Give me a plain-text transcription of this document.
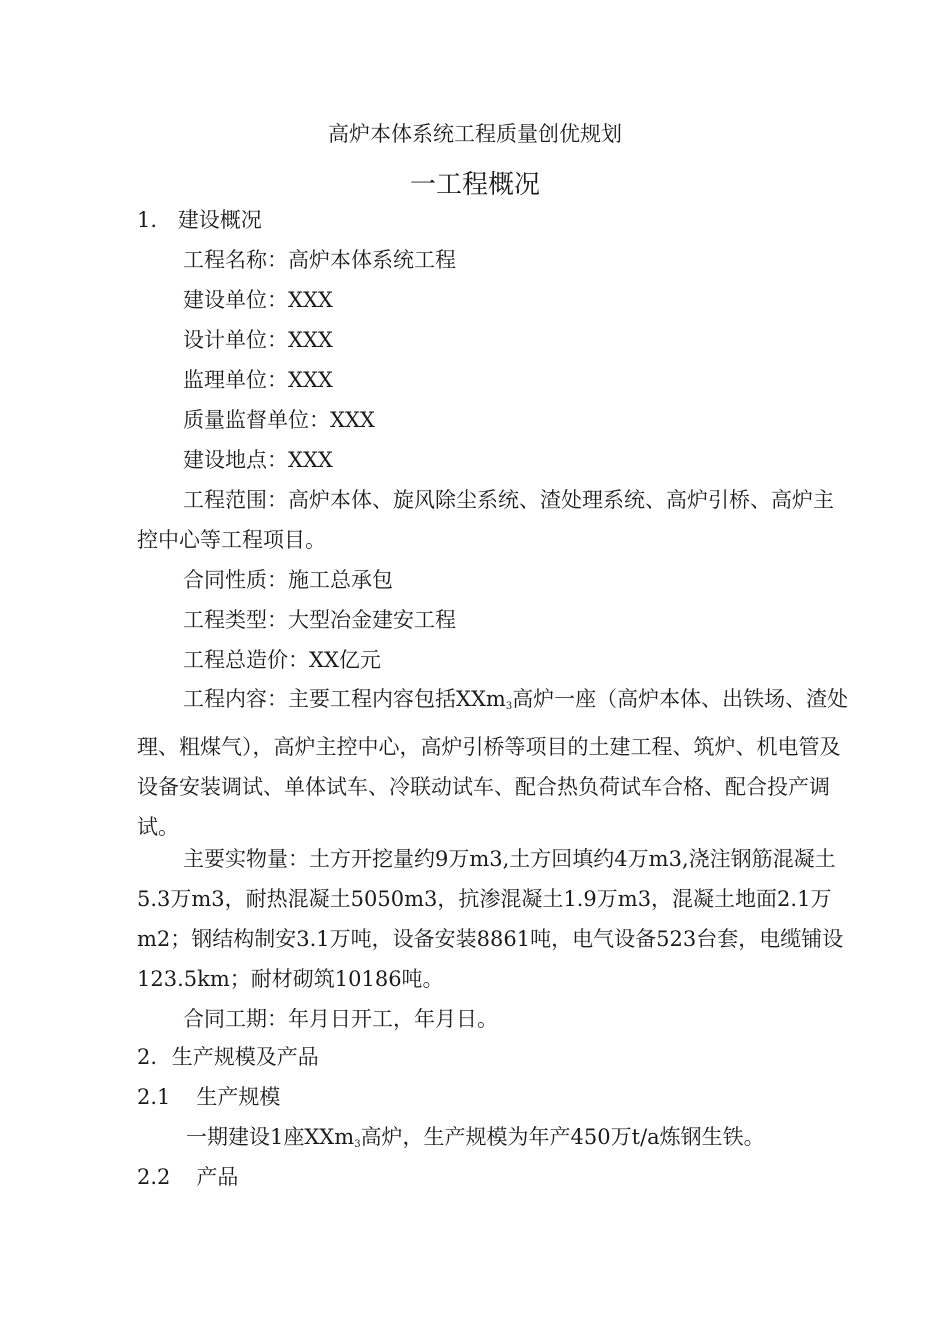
高炉本体系统工程质量创优规划
一工程概况
1. 建设概况
工程名称：高炉本体系统工程
建设单位：XXX
设计单位：XXX
监理单位：XXX
质量监督单位：XXX
建设地点：XXX
工程范围：高炉本体、旋风除尘系统、渣处理系统、高炉引桥、高炉主控中心等工程项目。
合同性质：施工总承包
工程类型：大型冶金建安工程
工程总造价：XX亿元
工程内容：主要工程内容包括XXm$_3$高炉一座（高炉本体、出铁场、渣处理、粗煤气），高炉主控中心，高炉引桥等项目的土建工程、筑炉、机电管及设备安装调试、单体试车、冷联动试车、配合热负荷试车合格、配合投产调试。
主要实物量：土方开挖量约9万m3,土方回填约4万m3,浇注钢筋混凝土5.3万m3，耐热混凝土5050m3，抗渗混凝土1.9万m3，混凝土地面2.1万m2；钢结构制安3.1万吨，设备安装8861吨，电气设备523台套，电缆铺设123.5km；耐材砌筑10186吨。
合同工期：年月日开工，年月日。
2. 生产规模及产品
2.1 生产规模
一期建设1座XXm$_3$高炉，生产规模为年产450万t/a炼钢生铁。
2.2 产品
